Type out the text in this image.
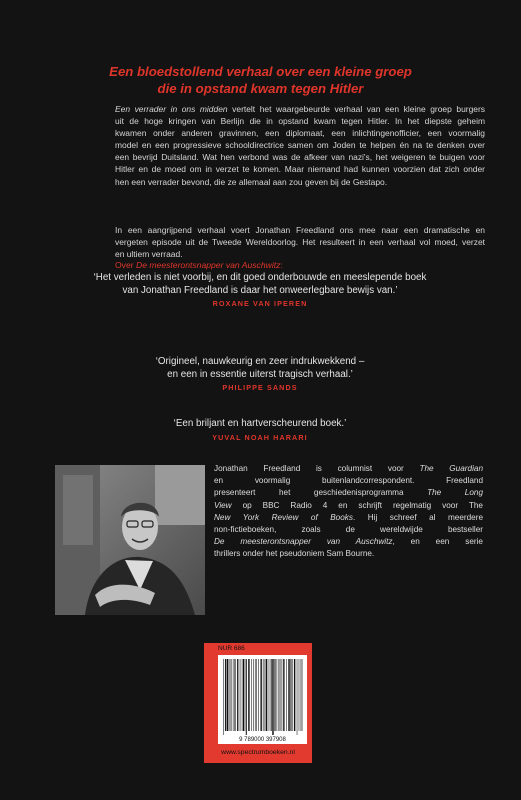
Een bloedstollend verhaal over een kleine groep
die in opstand kwam tegen Hitler
Een verrader in ons midden vertelt het waargebeurde verhaal van een kleine groep burgers
uit de hoge kringen van Berlijn die in opstand kwam tegen Hitler. In het diepste geheim
kwamen onder anderen gravinnen, een diplomaat, een inlichtingenofficier, een voormalig
model en een progressieve schooldirectrice samen om Joden te helpen én na te denken over
een bevrijd Duitsland. Wat hen verbond was de afkeer van nazi's, het weigeren te buigen voor
Hitler en de moed om in verzet te komen. Maar niemand had kunnen voorzien dat zich onder
hen een verrader bevond, die ze allemaal aan zou geven bij de Gestapo.
In een aangrijpend verhaal voert Jonathan Freedland ons mee naar een dramatische en
vergeten episode uit de Tweede Wereldoorlog. Het resulteert in een verhaal vol moed, verzet
en ultiem verraad.
Over De meesterontsnapper van Auschwitz:
‘Het verleden is niet voorbij, en dit goed onderbouwde en meeslepende boek
van Jonathan Freedland is daar het onweerlegbare bewijs van.’
ROXANE VAN IPEREN
‘Origineel, nauwkeurig en zeer indrukwekkend –
en een in essentie uiterst tragisch verhaal.’
PHILIPPE SANDS
‘Een briljant en hartverscheurend boek.’
YUVAL NOAH HARARI
Jonathan Freedland is columnist voor The Guardian
en voormalig buitenlandcorrespondent. Freedland
presenteert het geschiedenisprogramma The Long
View op BBC Radio 4 en schrijft regelmatig voor The
New York Review of Books. Hij schreef al meerdere
non-fictieboeken, zoals de wereldwijde bestseller
De meesterontsnapper van Auschwitz, en een serie
thrillers onder het pseudoniem Sam Bourne.
NUR 686
9 789000 397908
www.spectrumboeken.nl
